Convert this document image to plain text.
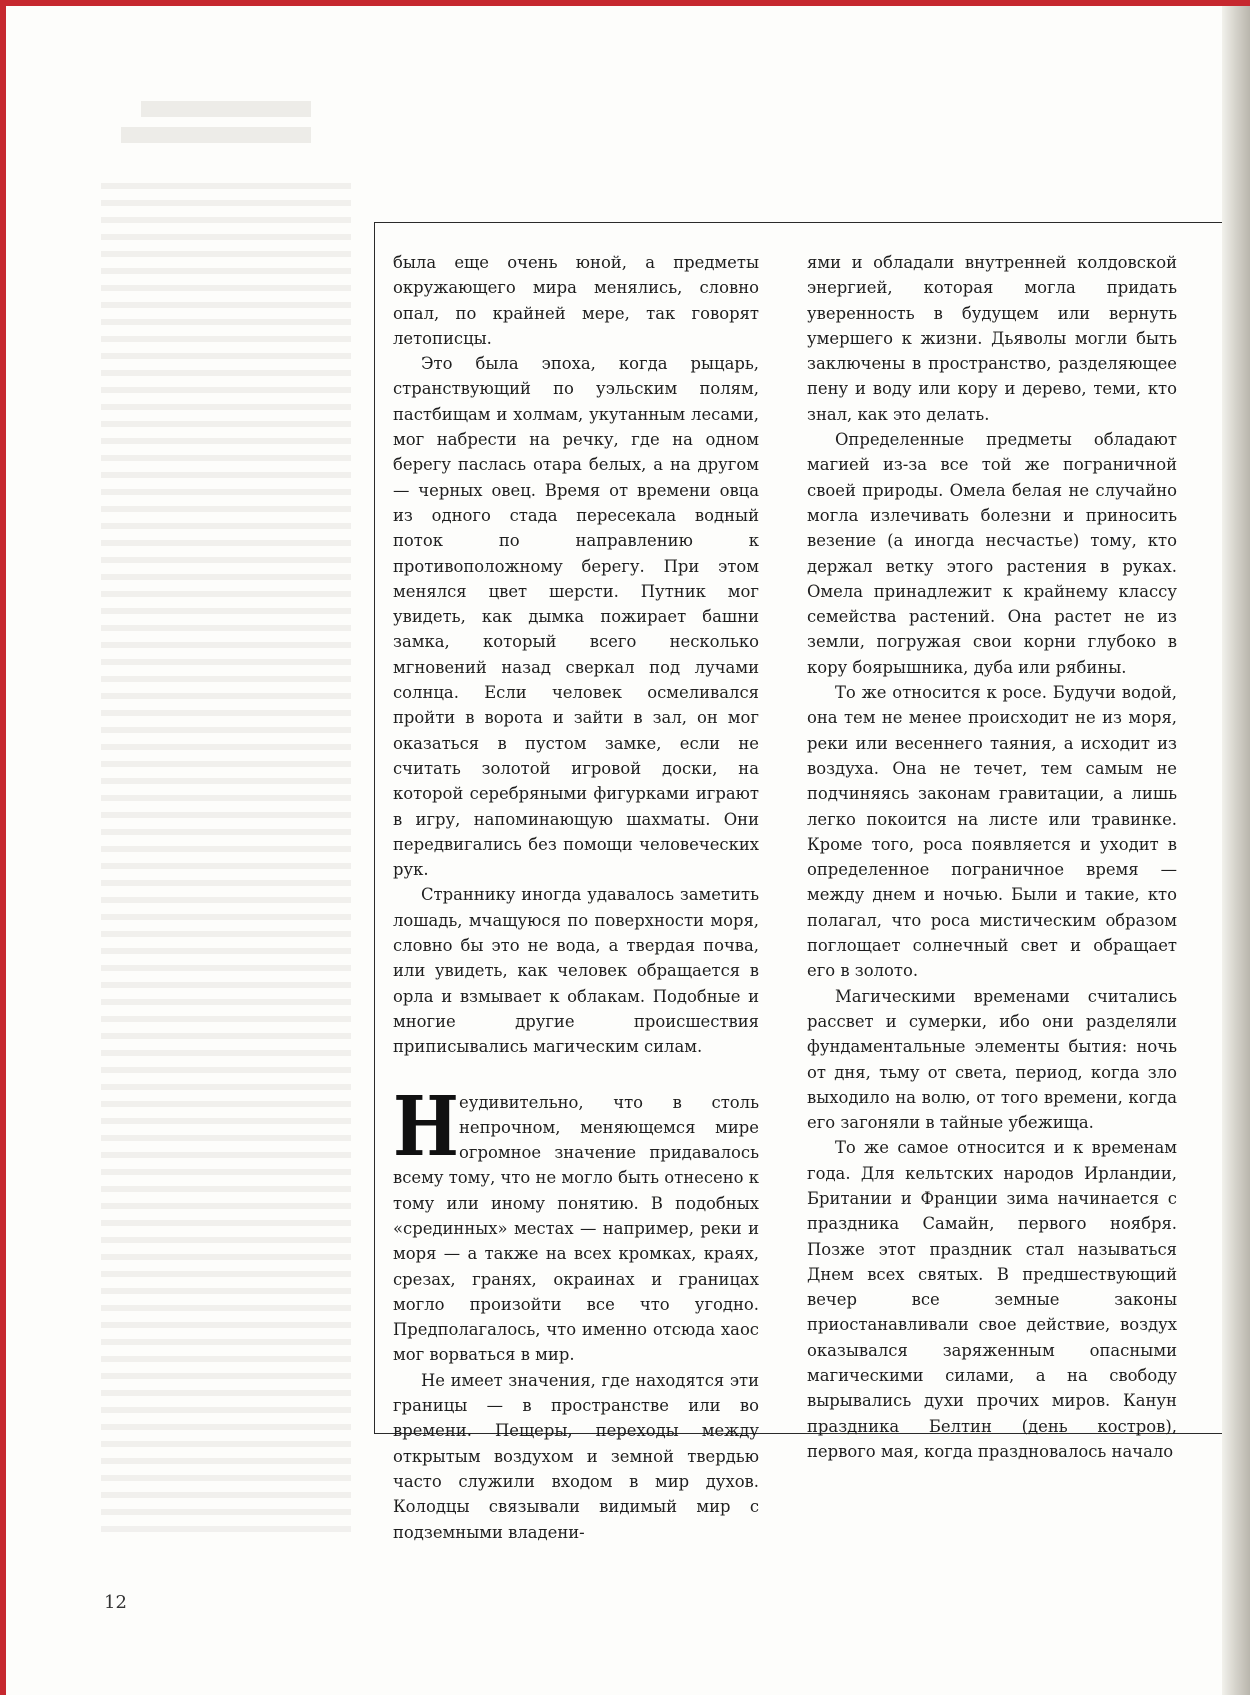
была еще очень юной, а предметы окружающего мира менялись, словно опал, по крайней мере, так говорят летописцы.

Это была эпоха, когда рыцарь, странствующий по уэльским полям, пастбищам и холмам, укутанным лесами, мог набрести на речку, где на одном берегу паслась отара белых, а на другом — черных овец. Время от времени овца из одного стада пересекала водный поток по направлению к противоположному берегу. При этом менялся цвет шерсти. Путник мог увидеть, как дымка пожирает башни замка, который всего несколько мгновений назад сверкал под лучами солнца. Если человек осмеливался пройти в ворота и зайти в зал, он мог оказаться в пустом замке, если не считать золотой игровой доски, на которой серебряными фигурками играют в игру, напоминающую шахматы. Они передвигались без помощи человеческих рук.

Страннику иногда удавалось заметить лошадь, мчащуюся по поверхности моря, словно бы это не вода, а твердая почва, или увидеть, как человек обращается в орла и взмывает к облакам. Подобные и многие другие происшествия приписывались магическим силам.

Неудивительно, что в столь непрочном, меняющемся мире огромное значение придавалось всему тому, что не могло быть отнесено к тому или иному понятию. В подобных «срединных» местах — например, реки и моря — а также на всех кромках, краях, срезах, гранях, окраинах и границах могло произойти все что угодно. Предполагалось, что именно отсюда хаос мог ворваться в мир.

Не имеет значения, где находятся эти границы — в пространстве или во времени. Пещеры, переходы между открытым воздухом и земной твердью часто служили входом в мир духов. Колодцы связывали видимый мир с подземными владени-

ями и обладали внутренней колдовской энергией, которая могла придать уверенность в будущем или вернуть умершего к жизни. Дьяволы могли быть заключены в пространство, разделяющее пену и воду или кору и дерево, теми, кто знал, как это делать.

Определенные предметы обладают магией из-за все той же пограничной своей природы. Омела белая не случайно могла излечивать болезни и приносить везение (а иногда несчастье) тому, кто держал ветку этого растения в руках. Омела принадлежит к крайнему классу семейства растений. Она растет не из земли, погружая свои корни глубоко в кору боярышника, дуба или рябины.

То же относится к росе. Будучи водой, она тем не менее происходит не из моря, реки или весеннего таяния, а исходит из воздуха. Она не течет, тем самым не подчиняясь законам гравитации, а лишь легко покоится на листе или травинке. Кроме того, роса появляется и уходит в определенное пограничное время — между днем и ночью. Были и такие, кто полагал, что роса мистическим образом поглощает солнечный свет и обращает его в золото.

Магическими временами считались рассвет и сумерки, ибо они разделяли фундаментальные элементы бытия: ночь от дня, тьму от света, период, когда зло выходило на волю, от того времени, когда его загоняли в тайные убежища.

То же самое относится и к временам года. Для кельтских народов Ирландии, Британии и Франции зима начинается с праздника Самайн, первого ноября. Позже этот праздник стал называться Днем всех святых. В предшествующий вечер все земные законы приостанавливали свое действие, воздух оказывался заряженным опасными магическими силами, а на свободу вырывались духи прочих миров. Канун праздника Белтин (день костров), первого мая, когда праздновалось начало

12
